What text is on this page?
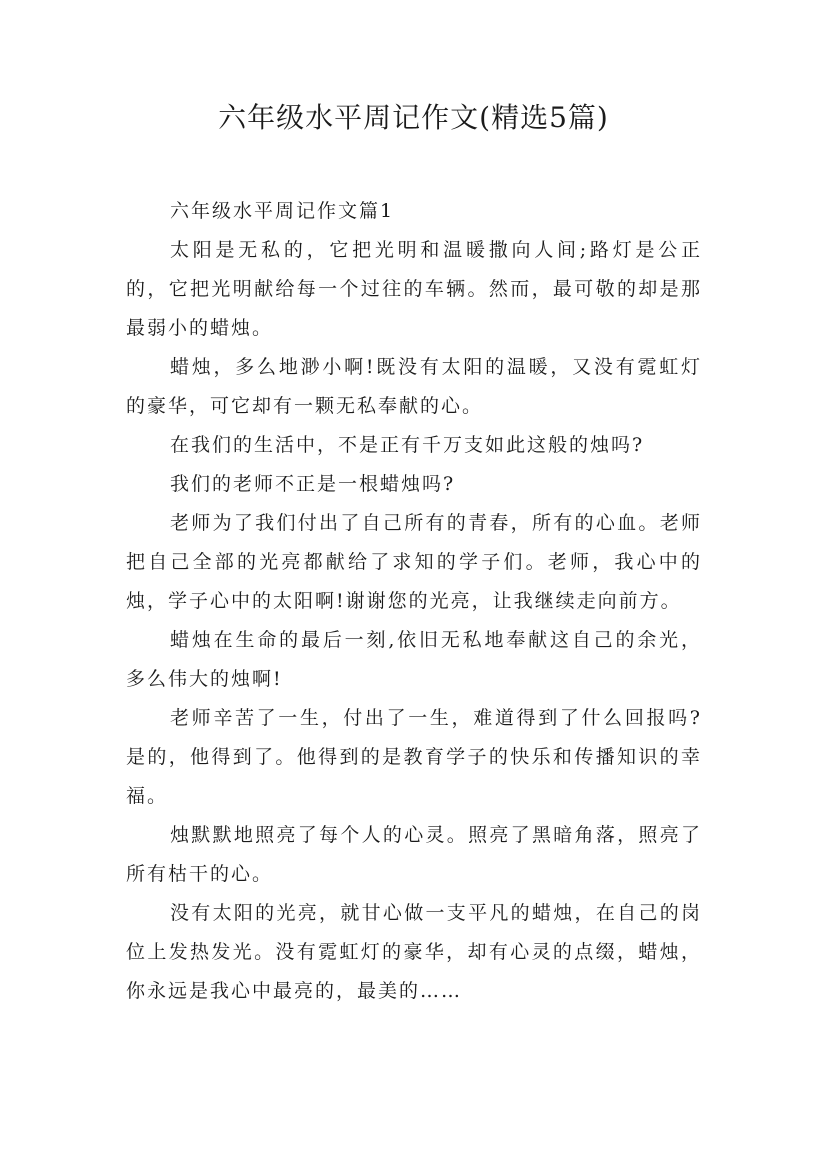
六年级水平周记作文(精选5篇)

六年级水平周记作文篇1

太阳是无私的，它把光明和温暖撒向人间;路灯是公正的，它把光明献给每一个过往的车辆。然而，最可敬的却是那最弱小的蜡烛。

蜡烛，多么地渺小啊!既没有太阳的温暖，又没有霓虹灯的豪华，可它却有一颗无私奉献的心。

在我们的生活中，不是正有千万支如此这般的烛吗?

我们的老师不正是一根蜡烛吗?

老师为了我们付出了自己所有的青春，所有的心血。老师把自己全部的光亮都献给了求知的学子们。老师，我心中的烛，学子心中的太阳啊!谢谢您的光亮，让我继续走向前方。

蜡烛在生命的最后一刻,依旧无私地奉献这自己的余光，多么伟大的烛啊!

老师辛苦了一生，付出了一生，难道得到了什么回报吗?是的，他得到了。他得到的是教育学子的快乐和传播知识的幸福。

烛默默地照亮了每个人的心灵。照亮了黑暗角落，照亮了所有枯干的心。

没有太阳的光亮，就甘心做一支平凡的蜡烛，在自己的岗位上发热发光。没有霓虹灯的豪华，却有心灵的点缀，蜡烛，你永远是我心中最亮的，最美的……
